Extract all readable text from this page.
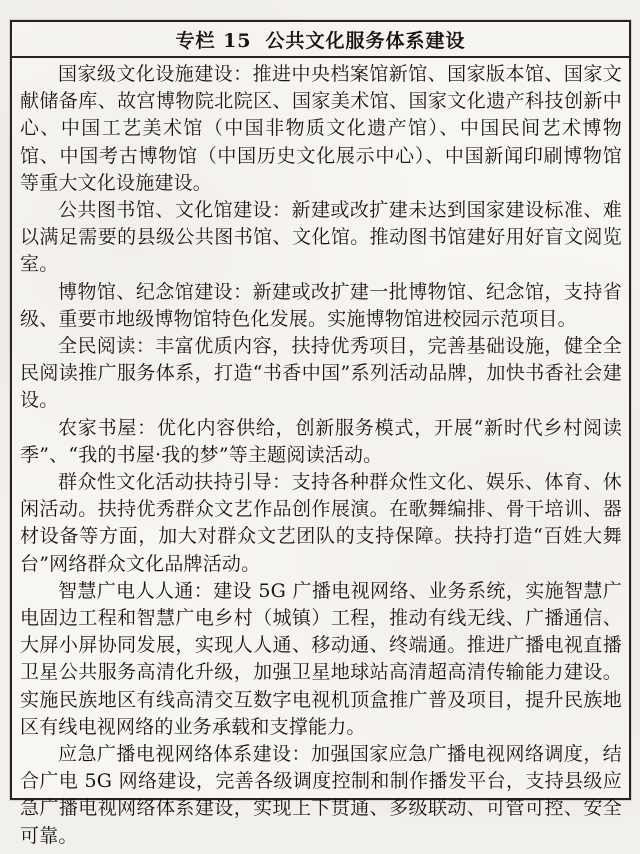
专栏 15 公共文化服务体系建设

国家级文化设施建设：推进中央档案馆新馆、国家版本馆、国家文献储备库、故宫博物院北院区、国家美术馆、国家文化遗产科技创新中心、中国工艺美术馆（中国非物质文化遗产馆）、中国民间艺术博物馆、中国考古博物馆（中国历史文化展示中心）、中国新闻印刷博物馆等重大文化设施建设。

公共图书馆、文化馆建设：新建或改扩建未达到国家建设标准、难以满足需要的县级公共图书馆、文化馆。推动图书馆建好用好盲文阅览室。

博物馆、纪念馆建设：新建或改扩建一批博物馆、纪念馆，支持省级、重要市地级博物馆特色化发展。实施博物馆进校园示范项目。

全民阅读：丰富优质内容，扶持优秀项目，完善基础设施，健全全民阅读推广服务体系，打造“书香中国”系列活动品牌，加快书香社会建设。

农家书屋：优化内容供给，创新服务模式，开展“新时代乡村阅读季”、“我的书屋·我的梦”等主题阅读活动。

群众性文化活动扶持引导：支持各种群众性文化、娱乐、体育、休闲活动。扶持优秀群众文艺作品创作展演。在歌舞编排、骨干培训、器材设备等方面，加大对群众文艺团队的支持保障。扶持打造“百姓大舞台”网络群众文化品牌活动。

智慧广电人人通：建设 5G 广播电视网络、业务系统，实施智慧广电固边工程和智慧广电乡村（城镇）工程，推动有线无线、广播通信、大屏小屏协同发展，实现人人通、移动通、终端通。推进广播电视直播卫星公共服务高清化升级，加强卫星地球站高清超高清传输能力建设。实施民族地区有线高清交互数字电视机顶盒推广普及项目，提升民族地区有线电视网络的业务承载和支撑能力。

应急广播电视网络体系建设：加强国家应急广播电视网络调度，结合广电 5G 网络建设，完善各级调度控制和制作播发平台，支持县级应急广播电视网络体系建设，实现上下贯通、多级联动、可管可控、安全可靠。
